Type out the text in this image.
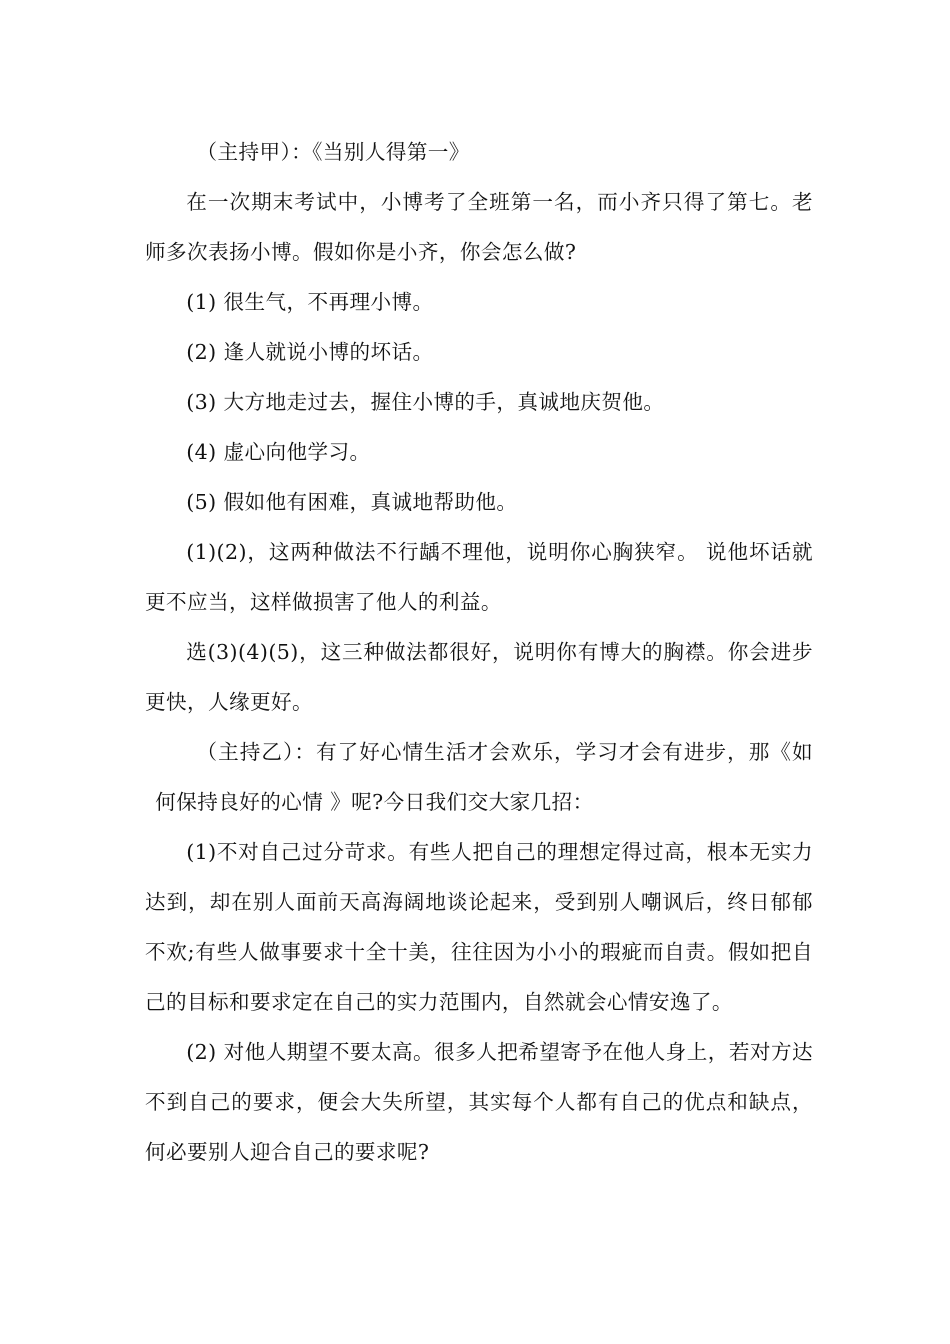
（主持甲）：《当别人得第一》

在一次期末考试中，小博考了全班第一名，而小齐只得了第七。老师多次表扬小博。假如你是小齐，你会怎么做?

(1) 很生气，不再理小博。

(2) 逢人就说小博的坏话。

(3) 大方地走过去，握住小博的手，真诚地庆贺他。

(4) 虚心向他学习。

(5) 假如他有困难，真诚地帮助他。

(1)(2)，这两种做法不行龋不理他，说明你心胸狭窄。 说他坏话就更不应当，这样做损害了他人的利益。

选(3)(4)(5)，这三种做法都很好，说明你有博大的胸襟。你会进步更快，人缘更好。

（主持乙）：有了好心情生活才会欢乐，学习才会有进步，那《如何保持良好的心情 》呢?今日我们交大家几招：

(1)不对自己过分苛求。有些人把自己的理想定得过高，根本无实力达到，却在别人面前天高海阔地谈论起来，受到别人嘲讽后，终日郁郁不欢;有些人做事要求十全十美，往往因为小小的瑕疵而自责。假如把自己的目标和要求定在自己的实力范围内，自然就会心情安逸了。

(2) 对他人期望不要太高。很多人把希望寄予在他人身上，若对方达不到自己的要求，便会大失所望，其实每个人都有自己的优点和缺点，何必要别人迎合自己的要求呢?
